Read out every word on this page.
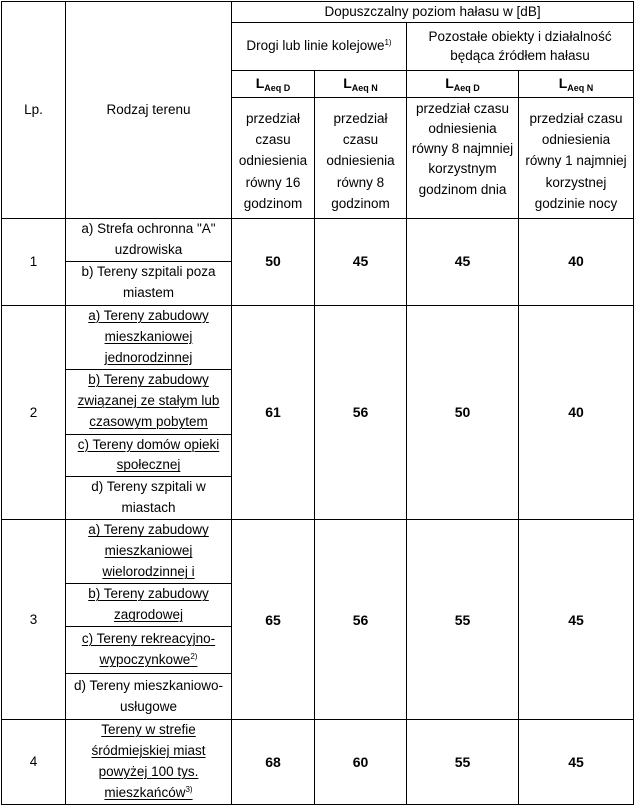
Lp.	Rodzaj terenu	Dopuszczalny poziom hałasu w [dB]			
		Drogi lub linie kolejowe$^{1)}$		Pozostałe obiekty i działalność będąca źródłem hałasu	
		$L_{Aeq D}$	$L_{Aeq N}$	$L_{Aeq D}$	$L_{Aeq N}$
		przedział czasu odniesienia równy 16 godzinom	przedział czasu odniesienia równy 8 godzinom	przedział czasu odniesienia równy 8 najmniej korzystnym godzinom dnia	przedział czasu odniesienia równy 1 najmniej korzystnej godzinie nocy
1	a) Strefa ochronna "A" uzdrowiska	50	45	45	40
	b) Tereny szpitali poza miastem				
2	a) Tereny zabudowy mieszkaniowej jednorodzinnej	61	56	50	40
	b) Tereny zabudowy związanej ze stałym lub czasowym pobytem				
	c) Tereny domów opieki społecznej				
	d) Tereny szpitali w miastach				
3	a) Tereny zabudowy mieszkaniowej wielorodzinnej i	65	56	55	45
	b) Tereny zabudowy zagrodowej				
	c) Tereny rekreacyjno-wypoczynkowe$^{2)}$
	d) Tereny mieszkaniowo-usługowe				
4	Tereny w strefie śródmiejskiej miast powyżej 100 tys. mieszkańców$^{3)}$	68	60	55	45
